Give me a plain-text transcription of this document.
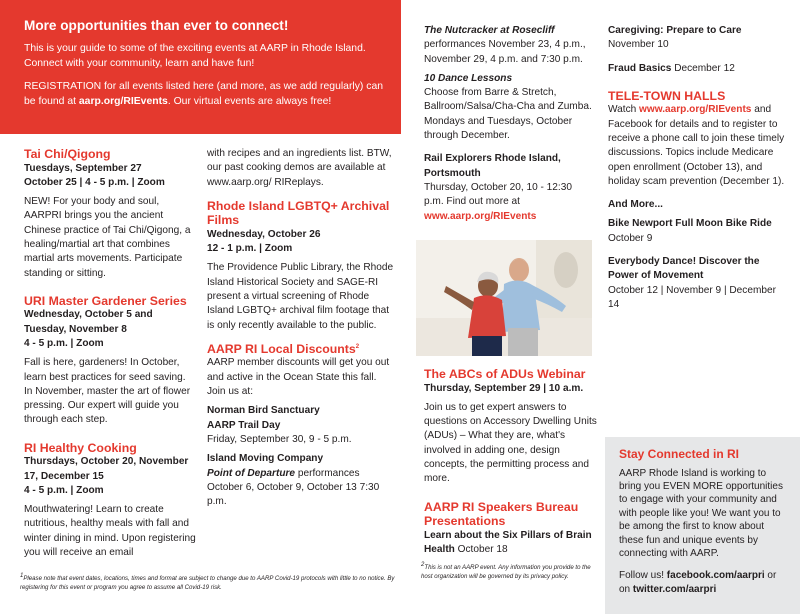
More opportunities than ever to connect!

This is your guide to some of the exciting events at AARP in Rhode Island. Connect with your community, learn and have fun!

REGISTRATION for all events listed here (and more, as we add regularly) can be found at aarp.org/RIEvents. Our virtual events are always free!

Tai Chi/Qigong

Tuesdays, September 27

October 25 | 4 - 5 p.m. | Zoom

NEW! For your body and soul, AARPRI brings you the ancient Chinese practice of Tai Chi/Qigong, a healing/martial art that combines martial arts movements. Participate standing or sitting.

URI Master Gardener Series

Wednesday, October 5 and Tuesday, November 8

4 - 5 p.m. | Zoom

Fall is here, gardeners! In October, learn best practices for seed saving. In November, master the art of flower pressing. Our expert will guide you through each step.

RI Healthy Cooking

Thursdays, October 20, November 17, December 15

4 - 5 p.m. | Zoom

Mouthwatering! Learn to create nutritious, healthy meals with fall and winter dining in mind. Upon registering you will receive an email

with recipes and an ingredients list. BTW, our past cooking demos are available at www.aarp.org/ RIReplays.

Rhode Island LGBTQ+ Archival Films

Wednesday, October 26

12 - 1 p.m. | Zoom

The Providence Public Library, the Rhode Island Historical Society and SAGE-RI present a virtual screening of Rhode Island LGBTQ+ archival film footage that is only recently available to the public.

AARP RI Local Discounts$^2$

AARP member discounts will get you out and active in the Ocean State this fall. Join us at:

Norman Bird Sanctuary

AARP Trail Day

Friday, September 30, 9 - 5 p.m.

Island Moving Company

Point of Departure performances October 6, October 9, October 13 7:30 p.m.

The Nutcracker at Rosecliff

performances November 23, 4 p.m., November 29, 4 p.m. and 7:30 p.m.

10 Dance Lessons

Choose from Barre & Stretch, Ballroom/Salsa/Cha-Cha and Zumba. Mondays and Tuesdays, October through December.

Rail Explorers Rhode Island, Portsmouth

Thursday, October 20, 10 - 12:30 p.m. Find out more at

www.aarp.org/RIEvents

The ABCs of ADUs Webinar

Thursday, September 29 | 10 a.m.

Join us to get expert answers to questions on Accessory Dwelling Units (ADUs) – What they are, what's involved in adding one, design concepts, the permitting process and more.

AARP RI Speakers Bureau Presentations

Learn about the Six Pillars of Brain Health October 18

Caregiving: Prepare to Care

November 10

Fraud Basics December 12

TELE-TOWN HALLS

Watch www.aarp.org/RIEvents and Facebook for details and to register to receive a phone call to join these timely discussions. Topics include Medicare open enrollment (October 13), and holiday scam prevention (December 1).

And More...

Bike Newport Full Moon Bike Ride

October 9

Everybody Dance! Discover the Power of Movement

October 12 | November 9 | December 14

Stay Connected in RI

AARP Rhode Island is working to bring you EVEN MORE opportunities to engage with your community and with people like you! We want you to be among the first to know about these fun and unique events by connecting with AARP.

Follow us! facebook.com/aarpri or on twitter.com/aarpri

$^1$Please note that event dates, locations, times and format are subject to change due to AARP Covid-19 protocols with little to no notice. By registering for this event or program you agree to assume all Covid-19 risk.
$^2$This is not an AARP event. Any information you provide to the host organization will be governed by its privacy policy.
